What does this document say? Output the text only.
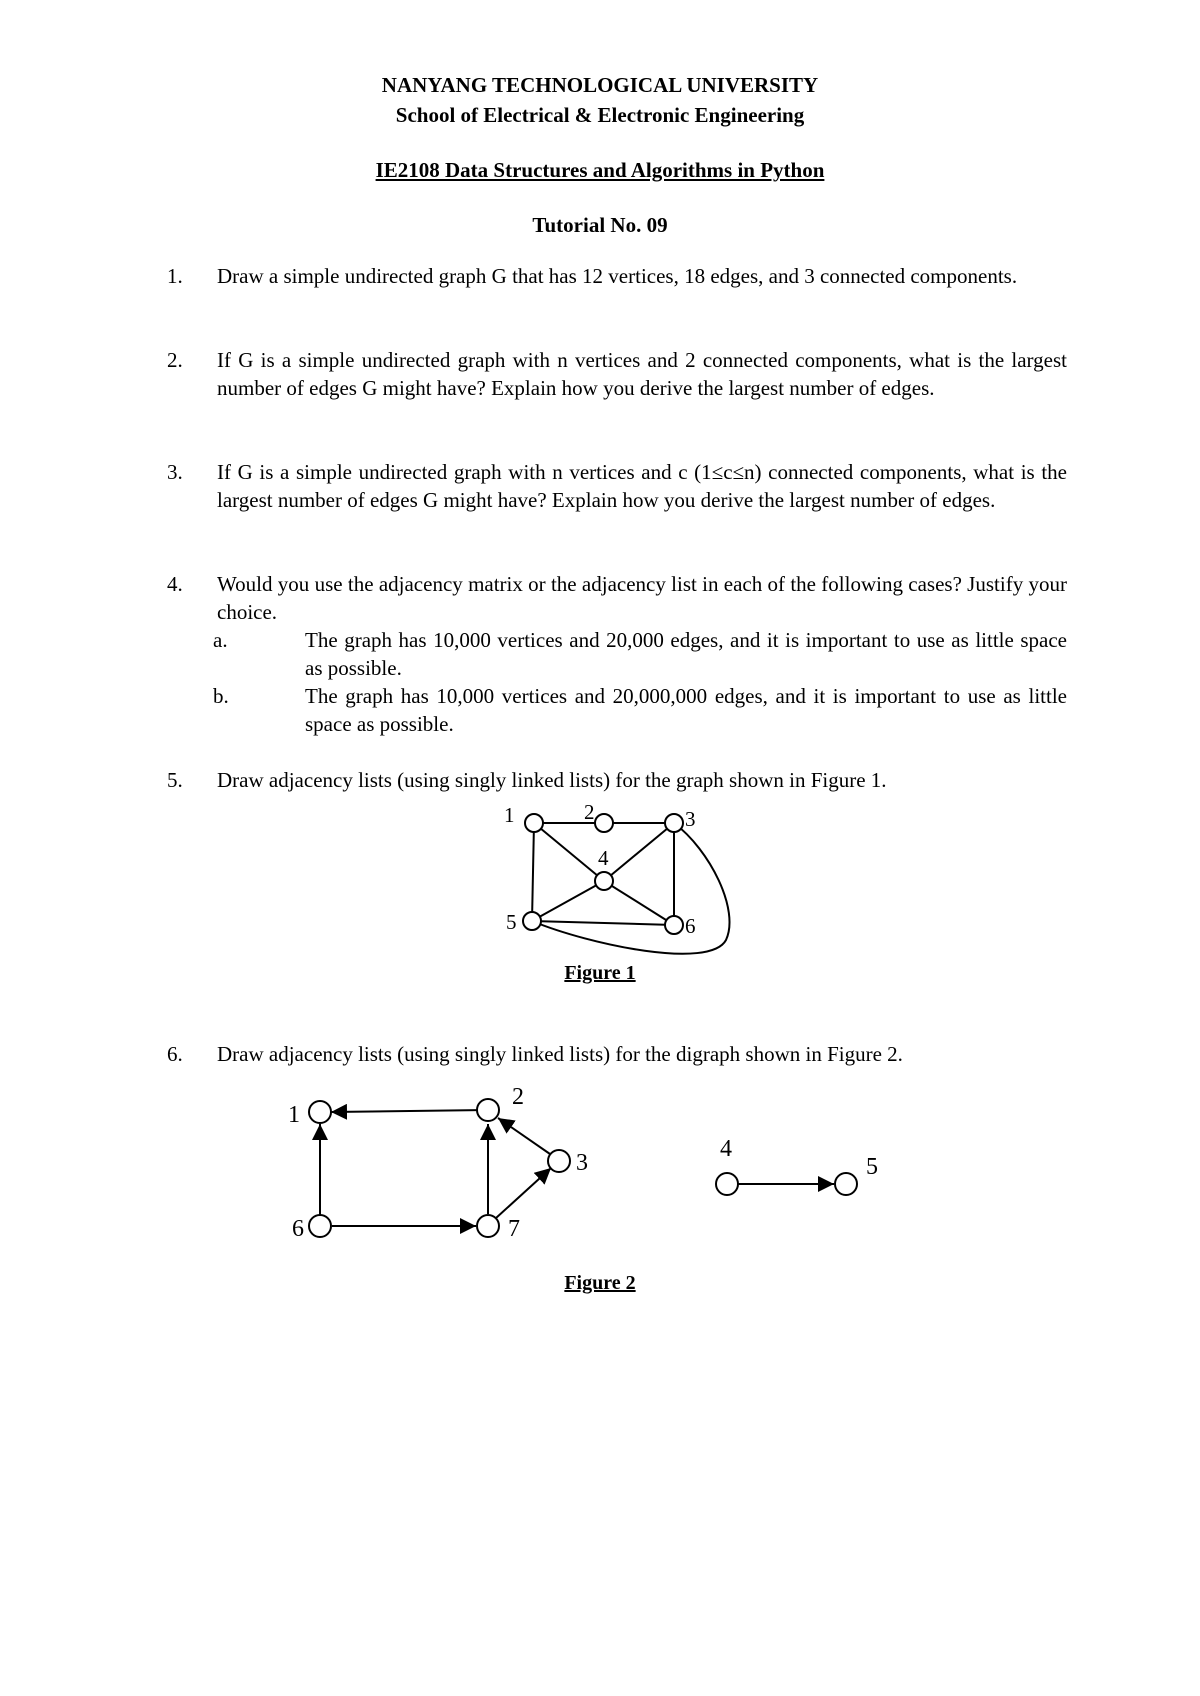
NANYANG TECHNOLOGICAL UNIVERSITY
School of Electrical & Electronic Engineering
IE2108 Data Structures and Algorithms in Python
Tutorial No. 09
1. Draw a simple undirected graph G that has 12 vertices, 18 edges, and 3 connected components.
2. If G is a simple undirected graph with n vertices and 2 connected components, what is the largest number of edges G might have? Explain how you derive the largest number of edges.
3. If G is a simple undirected graph with n vertices and c (1≤c≤n) connected components, what is the largest number of edges G might have? Explain how you derive the largest number of edges.
4. Would you use the adjacency matrix or the adjacency list in each of the following cases? Justify your choice.
a.	The graph has 10,000 vertices and 20,000 edges, and it is important to use as little space as possible.
b.	The graph has 10,000 vertices and 20,000,000 edges, and it is important to use as little space as possible.
5. Draw adjacency lists (using singly linked lists) for the graph shown in Figure 1.
1	2	3
4
5	6
Figure 1
6. Draw adjacency lists (using singly linked lists) for the digraph shown in Figure 2.
1
2
3
4
5
6	7
Figure 2
